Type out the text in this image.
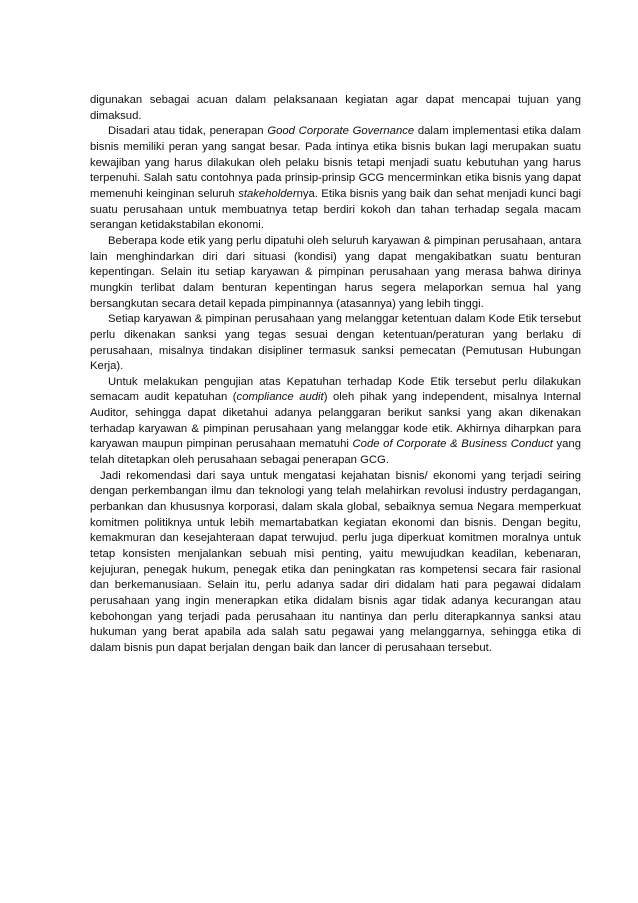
digunakan sebagai acuan dalam pelaksanaan kegiatan agar dapat mencapai tujuan yang dimaksud.

Disadari atau tidak, penerapan Good Corporate Governance dalam implementasi etika dalam bisnis memiliki peran yang sangat besar. Pada intinya etika bisnis bukan lagi merupakan suatu kewajiban yang harus dilakukan oleh pelaku bisnis tetapi menjadi suatu kebutuhan yang harus terpenuhi. Salah satu contohnya pada prinsip-prinsip GCG mencerminkan etika bisnis yang dapat memenuhi keinginan seluruh stakeholdernya. Etika bisnis yang baik dan sehat menjadi kunci bagi suatu perusahaan untuk membuatnya tetap berdiri kokoh dan tahan terhadap segala macam serangan ketidakstabilan ekonomi.

Beberapa kode etik yang perlu dipatuhi oleh seluruh karyawan & pimpinan perusahaan, antara lain menghindarkan diri dari situasi (kondisi) yang dapat mengakibatkan suatu benturan kepentingan. Selain itu setiap karyawan & pimpinan perusahaan yang merasa bahwa dirinya mungkin terlibat dalam benturan kepentingan harus segera melaporkan semua hal yang bersangkutan secara detail kepada pimpinannya (atasannya) yang lebih tinggi.

Setiap karyawan & pimpinan perusahaan yang melanggar ketentuan dalam Kode Etik tersebut perlu dikenakan sanksi yang tegas sesuai dengan ketentuan/peraturan yang berlaku di perusahaan, misalnya tindakan disipliner termasuk sanksi pemecatan (Pemutusan Hubungan Kerja).

Untuk melakukan pengujian atas Kepatuhan terhadap Kode Etik tersebut perlu dilakukan semacam audit kepatuhan (compliance audit) oleh pihak yang independent, misalnya Internal Auditor, sehingga dapat diketahui adanya pelanggaran berikut sanksi yang akan dikenakan terhadap karyawan & pimpinan perusahaan yang melanggar kode etik. Akhirnya diharpkan para karyawan maupun pimpinan perusahaan mematuhi Code of Corporate & Business Conduct yang telah ditetapkan oleh perusahaan sebagai penerapan GCG.

Jadi rekomendasi dari saya untuk mengatasi kejahatan bisnis/ ekonomi yang terjadi seiring dengan perkembangan ilmu dan teknologi yang telah melahirkan revolusi industry perdagangan, perbankan dan khususnya korporasi, dalam skala global, sebaiknya semua Negara memperkuat komitmen politiknya untuk lebih memartabatkan kegiatan ekonomi dan bisnis. Dengan begitu, kemakmuran dan kesejahteraan dapat terwujud. perlu juga diperkuat komitmen moralnya untuk tetap konsisten menjalankan sebuah misi penting, yaitu mewujudkan keadilan, kebenaran, kejujuran, penegak hukum, penegak etika dan peningkatan ras kompetensi secara fair rasional dan berkemanusiaan. Selain itu, perlu adanya sadar diri didalam hati para pegawai didalam perusahaan yang ingin menerapkan etika didalam bisnis agar tidak adanya kecurangan atau kebohongan yang terjadi pada perusahaan itu nantinya dan perlu diterapkannya sanksi atau hukuman yang berat apabila ada salah satu pegawai yang melanggarnya, sehingga etika di dalam bisnis pun dapat berjalan dengan baik dan lancer di perusahaan tersebut.
